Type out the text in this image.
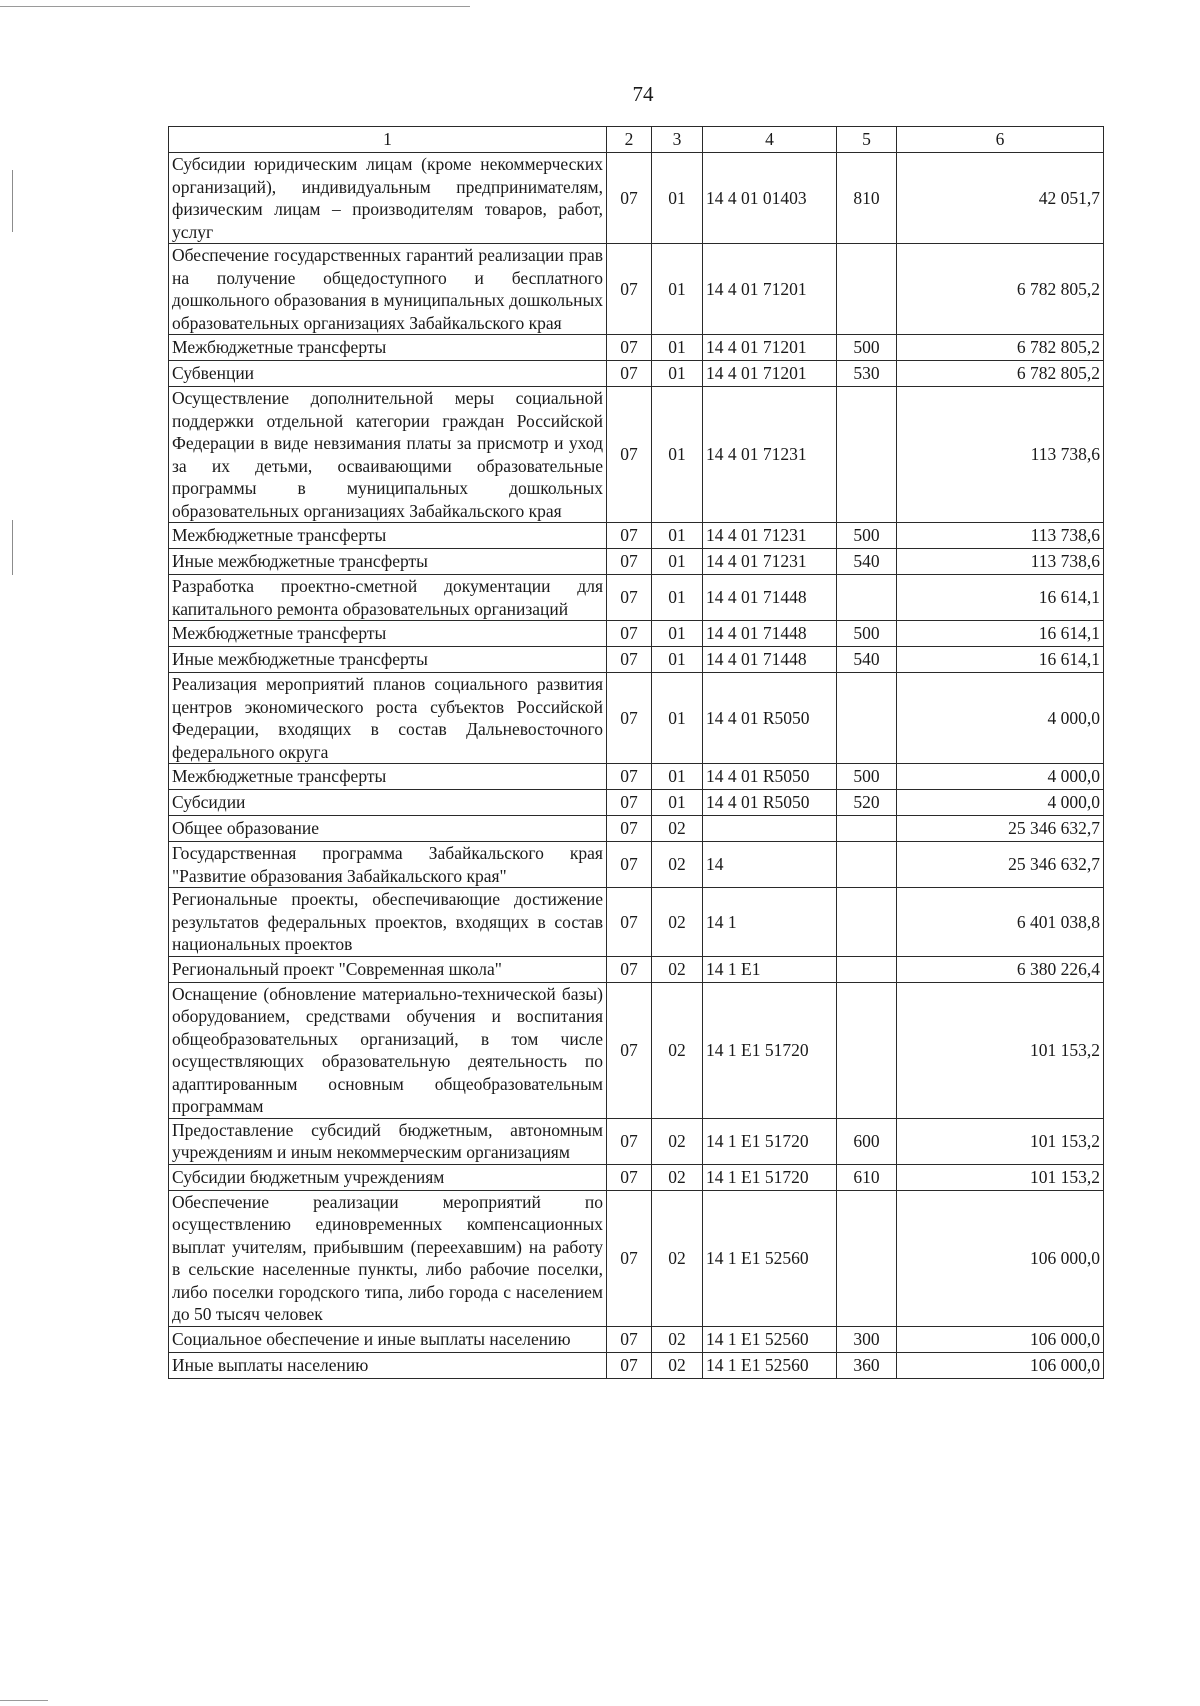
74
1	2	3	4	5	6
Субсидии юридическим лицам (кроме некоммерческих организаций), индивидуальным предпринимателям, физическим лицам – производителям товаров, работ, услуг	07	01	14 4 01 01403	810	42 051,7
Обеспечение государственных гарантий реализации прав на получение общедоступного и бесплатного дошкольного образования в муниципальных дошкольных образовательных организациях Забайкальского края	07	01	14 4 01 71201		6 782 805,2
Межбюджетные трансферты	07	01	14 4 01 71201	500	6 782 805,2
Субвенции	07	01	14 4 01 71201	530	6 782 805,2
Осуществление дополнительной меры социальной поддержки отдельной категории граждан Российской Федерации в виде невзимания платы за присмотр и уход за их детьми, осваивающими образовательные программы в муниципальных дошкольных образовательных организациях Забайкальского края	07	01	14 4 01 71231		113 738,6
Межбюджетные трансферты	07	01	14 4 01 71231	500	113 738,6
Иные межбюджетные трансферты	07	01	14 4 01 71231	540	113 738,6
Разработка проектно-сметной документации для капитального ремонта образовательных организаций	07	01	14 4 01 71448		16 614,1
Межбюджетные трансферты	07	01	14 4 01 71448	500	16 614,1
Иные межбюджетные трансферты	07	01	14 4 01 71448	540	16 614,1
Реализация мероприятий планов социального развития центров экономического роста субъектов Российской Федерации, входящих в состав Дальневосточного федерального округа	07	01	14 4 01 R5050		4 000,0
Межбюджетные трансферты	07	01	14 4 01 R5050	500	4 000,0
Субсидии	07	01	14 4 01 R5050	520	4 000,0
Общее образование	07	02			25 346 632,7
Государственная программа Забайкальского края "Развитие образования Забайкальского края"	07	02	14		25 346 632,7
Региональные проекты, обеспечивающие достижение результатов федеральных проектов, входящих в состав национальных проектов	07	02	14 1		6 401 038,8
Региональный проект "Современная школа"	07	02	14 1 E1		6 380 226,4
Оснащение (обновление материально-технической базы) оборудованием, средствами обучения и воспитания общеобразовательных организаций, в том числе осуществляющих образовательную деятельность по адаптированным основным общеобразовательным программам	07	02	14 1 E1 51720		101 153,2
Предоставление субсидий бюджетным, автономным учреждениям и иным некоммерческим организациям	07	02	14 1 E1 51720	600	101 153,2
Субсидии бюджетным учреждениям	07	02	14 1 E1 51720	610	101 153,2
Обеспечение реализации мероприятий по осуществлению единовременных компенсационных выплат учителям, прибывшим (переехавшим) на работу в сельские населенные пункты, либо рабочие поселки, либо поселки городского типа, либо города с населением до 50 тысяч человек	07	02	14 1 E1 52560		106 000,0
Социальное обеспечение и иные выплаты населению	07	02	14 1 E1 52560	300	106 000,0
Иные выплаты населению	07	02	14 1 E1 52560	360	106 000,0
